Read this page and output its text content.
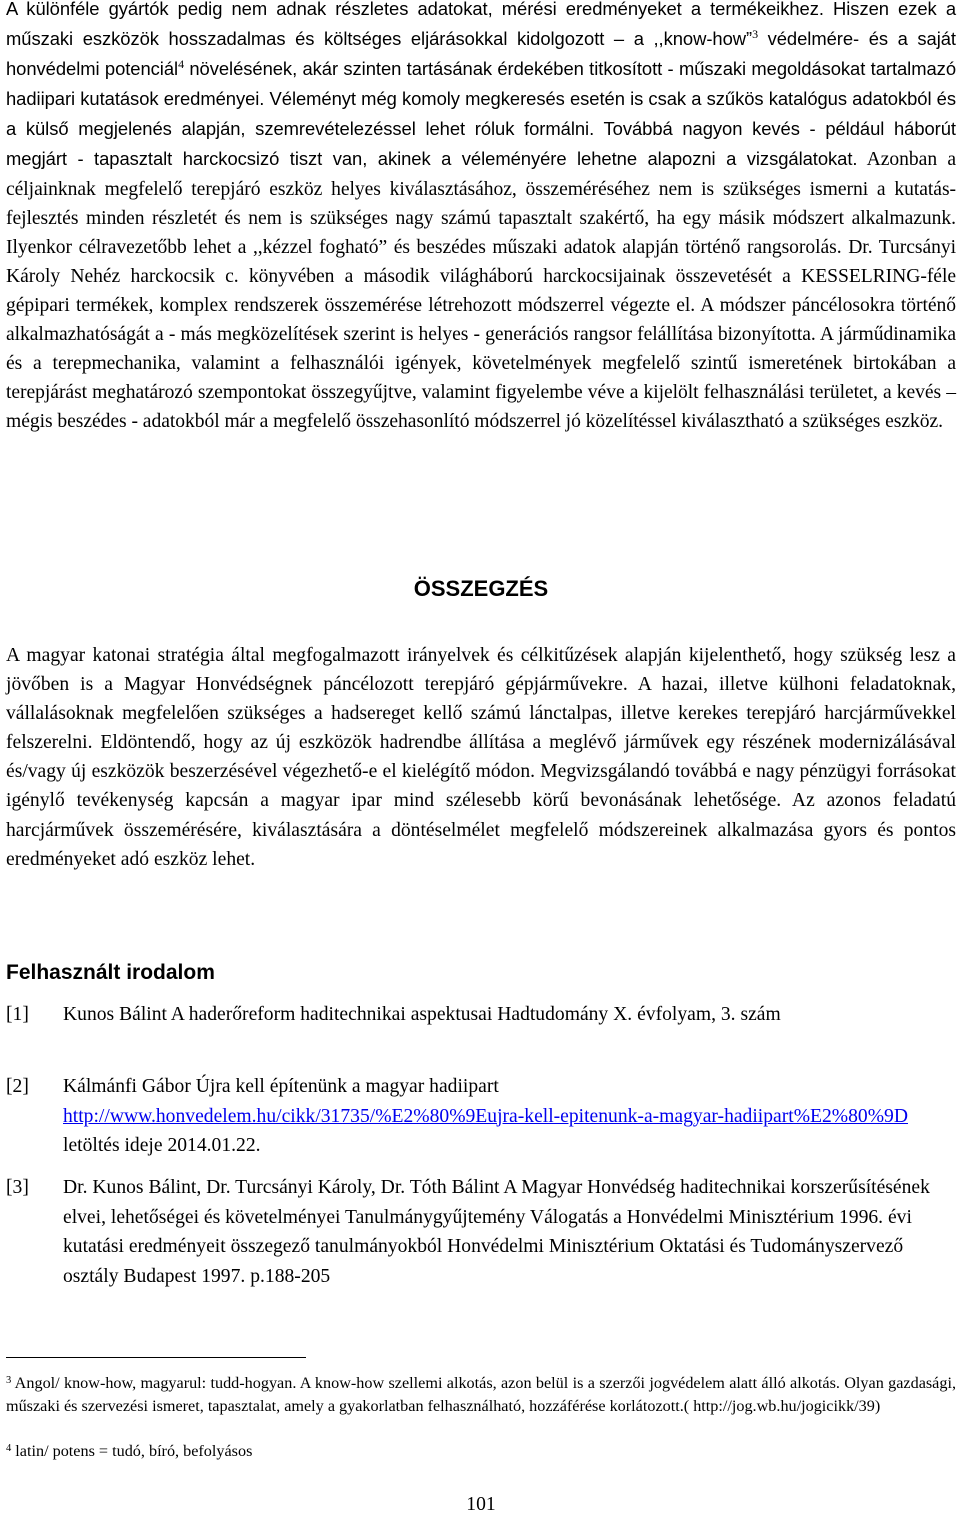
A különféle gyártók pedig nem adnak részletes adatokat, mérési eredményeket a termékeikhez. Hiszen ezek a műszaki eszközök hosszadalmas és költséges eljárásokkal kidolgozott – a ,,know-how”$^3$ védelmére- és a saját honvédelmi potenciál$^4$ növelésének, akár szinten tartásának érdekében titkosított - műszaki megoldásokat tartalmazó hadiipari kutatások eredményei. Véleményt még komoly megkeresés esetén is csak a szűkös katalógus adatokból és a külső megjelenés alapján, szemrevételezéssel lehet róluk formálni. Továbbá nagyon kevés - például háborút megjárt - tapasztalt harckocsizó tiszt van, akinek a véleményére lehetne alapozni a vizsgálatokat. Azonban a céljainknak megfelelő terepjáró eszköz helyes kiválasztásához, összeméréséhez nem is szükséges ismerni a kutatás-fejlesztés minden részletét és nem is szükséges nagy számú tapasztalt szakértő, ha egy másik módszert alkalmazunk. Ilyenkor célravezetőbb lehet a ,,kézzel fogható” és beszédes műszaki adatok alapján történő rangsorolás. Dr. Turcsányi Károly Nehéz harckocsik c. könyvében a második világháború harckocsijainak összevetését a KESSELRING-féle gépipari termékek, komplex rendszerek összemérése létrehozott módszerrel végezte el. A módszer páncélosokra történő alkalmazhatóságát a - más megközelítések szerint is helyes - generációs rangsor felállítása bizonyította. A járműdinamika és a terepmechanika, valamint a felhasználói igények, követelmények megfelelő szintű ismeretének birtokában a terepjárást meghatározó szempontokat összegyűjtve, valamint figyelembe véve a kijelölt felhasználási területet, a kevés – mégis beszédes - adatokból már a megfelelő összehasonlító módszerrel jó közelítéssel kiválasztható a szükséges eszköz.

ÖSSZEGZÉS

A magyar katonai stratégia által megfogalmazott irányelvek és célkitűzések alapján kijelenthető, hogy szükség lesz a jövőben is a Magyar Honvédségnek páncélozott terepjáró gépjárművekre. A hazai, illetve külhoni feladatoknak, vállalásoknak megfelelően szükséges a hadsereget kellő számú lánctalpas, illetve kerekes terepjáró harcjárművekkel felszerelni. Eldöntendő, hogy az új eszközök hadrendbe állítása a meglévő járművek egy részének modernizálásával és/vagy új eszközök beszerzésével végezhető-e el kielégítő módon. Megvizsgálandó továbbá e nagy pénzügyi forrásokat igénylő tevékenység kapcsán a magyar ipar mind szélesebb körű bevonásának lehetősége. Az azonos feladatú harcjárművek összemérésére, kiválasztására a döntéselmélet megfelelő módszereinek alkalmazása gyors és pontos eredményeket adó eszköz lehet.

Felhasznált irodalom
[1] Kunos Bálint A haderőreform haditechnikai aspektusai Hadtudomány X. évfolyam, 3. szám
[2] Kálmánfi Gábor Újra kell építenünk a magyar hadiipart
http://www.honvedelem.hu/cikk/31735/%E2%80%9Eujra-kell-epitenunk-a-magyar-hadiipart%E2%80%9D letöltés ideje 2014.01.22.
[3] Dr. Kunos Bálint, Dr. Turcsányi Károly, Dr. Tóth Bálint A Magyar Honvédség haditechnikai korszerűsítésének elvei, lehetőségei és követelményei Tanulmánygyűjtemény Válogatás a Honvédelmi Minisztérium 1996. évi kutatási eredményeit összegező tanulmányokból Honvédelmi Minisztérium Oktatási és Tudományszervező osztály Budapest 1997. p.188-205

$^3$ Angol/ know-how, magyarul: tudd-hogyan. A know-how szellemi alkotás, azon belül is a szerzői jogvédelem alatt álló alkotás. Olyan gazdasági, műszaki és szervezési ismeret, tapasztalat, amely a gyakorlatban felhasználható, hozzáférése korlátozott.( http://jog.wb.hu/jogicikk/39)

$^4$ latin/ potens = tudó, bíró, befolyásos

101
